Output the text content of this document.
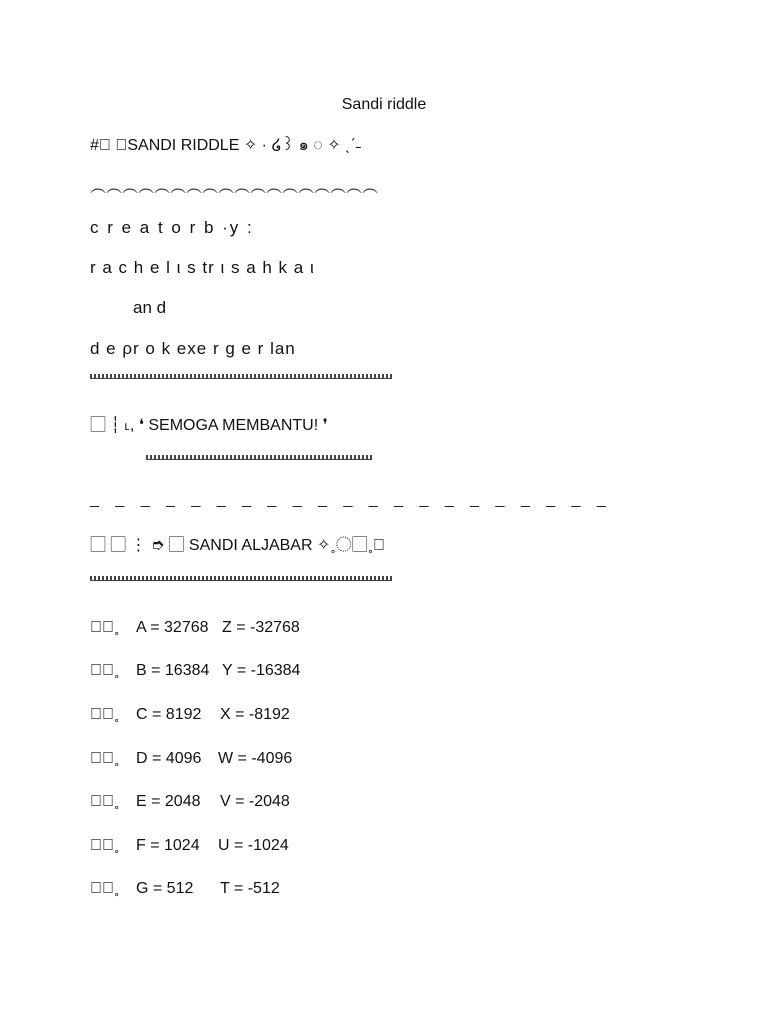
Sandi riddle
#⃞ ⌒SANDI RIDDLE ✧ · ໒꒱ ๑ ◌ ✧ ˎˊ˗
︵︵︵︵︵︵︵︵︵︵︵︵︵︵︵︵︵︵
c r e a t o r b ·y :
r a c h e l ι s tr ι s a h k a ι
an d
d e ρr o k exe r g e r lan
⃞ ┆ ˪, ❛ SEMOGA MEMBANTU! ❜
_ _ _ _ _ _ _ _ _ _ _ _ _ _ _ _ _ _ _ _ _
⃞ ⃞ ⋮ ➮ ⃞ SANDI ALJABAR ✧˳◌⃞˳⃞
ᯓ⃞˳ A = 32768 Z = -32768
ᯓ⃞˳ B = 16384 Y = -16384
ᯓ⃞˳ C = 8192 X = -8192
ᯓ⃞˳ D = 4096 W = -4096
ᯓ⃞˳ E = 2048 V = -2048
ᯓ⃞˳ F = 1024 U = -1024
ᯓ⃞˳ G = 512 T = -512
